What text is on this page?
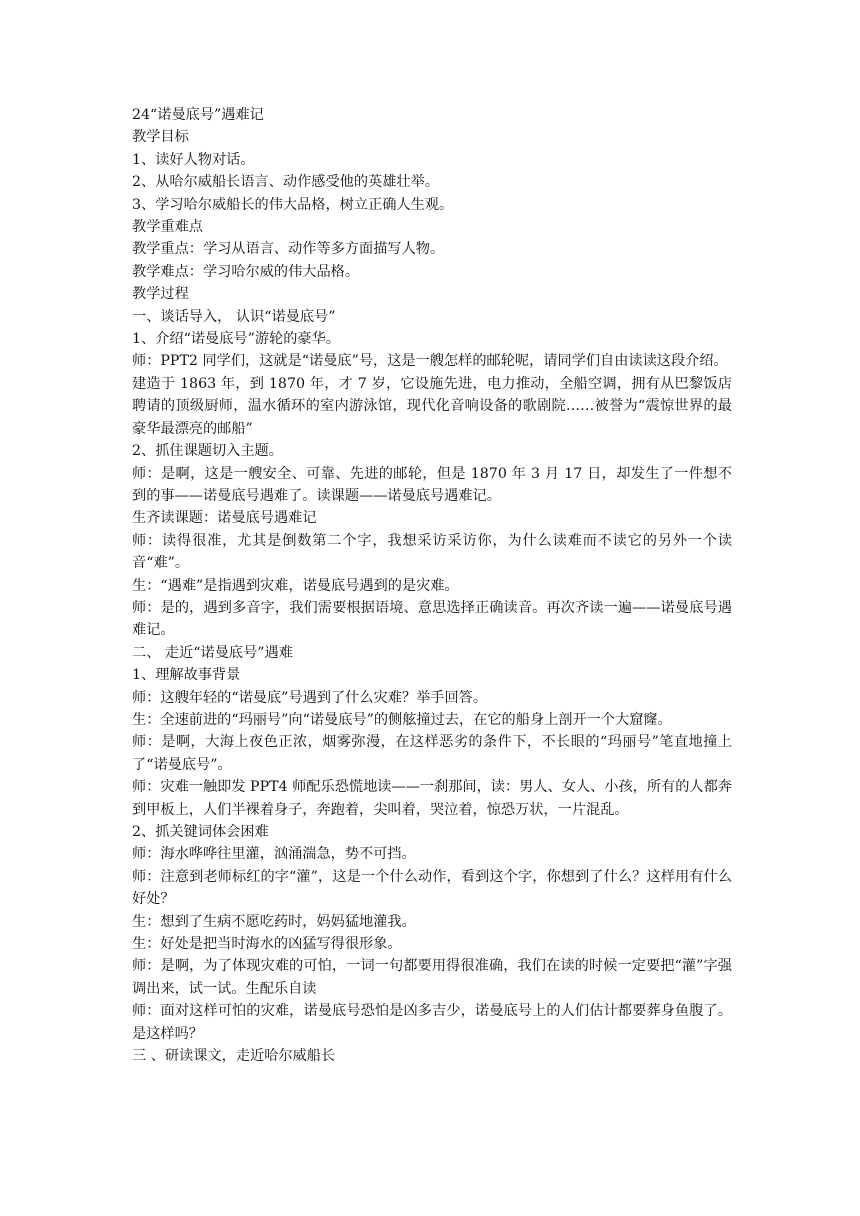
24“诺曼底号”遇难记

教学目标

1、读好人物对话。

2、从哈尔威船长语言、动作感受他的英雄壮举。

3、学习哈尔威船长的伟大品格，树立正确人生观。

教学重难点

教学重点：学习从语言、动作等多方面描写人物。

教学难点：学习哈尔威的伟大品格。

教学过程

一、谈话导入， 认识“诺曼底号”

1、介绍“诺曼底号”游轮的豪华。

师：PPT2 同学们，这就是“诺曼底”号，这是一艘怎样的邮轮呢，请同学们自由读读这段介绍。

建造于 1863 年，到 1870 年，才 7 岁，它设施先进，电力推动，全船空调，拥有从巴黎饭店聘请的顶级厨师，温水循环的室内游泳馆，现代化音响设备的歌剧院……被誉为“震惊世界的最豪华最漂亮的邮船”

2、抓住课题切入主题。

师：是啊，这是一艘安全、可靠、先进的邮轮，但是 1870 年 3 月 17 日，却发生了一件想不到的事——诺曼底号遇难了。读课题——诺曼底号遇难记。

生齐读课题：诺曼底号遇难记

师：读得很准，尤其是倒数第二个字，我想采访采访你，为什么读难而不读它的另外一个读音“难”。

生：“遇难”是指遇到灾难，诺曼底号遇到的是灾难。

师：是的，遇到多音字，我们需要根据语境、意思选择正确读音。再次齐读一遍——诺曼底号遇难记。

二、 走近“诺曼底号”遇难

1、理解故事背景

师：这艘年轻的“诺曼底”号遇到了什么灾难？举手回答。

生：全速前进的“玛丽号”向“诺曼底号”的侧舷撞过去，在它的船身上剖开一个大窟窿。

师：是啊，大海上夜色正浓，烟雾弥漫，在这样恶劣的条件下，不长眼的“玛丽号”笔直地撞上了“诺曼底号”。

师：灾难一触即发 PPT4 师配乐恐慌地读——一刹那间，读：男人、女人、小孩，所有的人都奔到甲板上，人们半裸着身子，奔跑着，尖叫着，哭泣着，惊恐万状，一片混乱。

2、抓关键词体会困难

师：海水哗哗往里灌，汹涌湍急，势不可挡。

师：注意到老师标红的字“灌”，这是一个什么动作，看到这个字，你想到了什么？这样用有什么好处？

生：想到了生病不愿吃药时，妈妈猛地灌我。

生：好处是把当时海水的凶猛写得很形象。

师：是啊，为了体现灾难的可怕，一词一句都要用得很准确，我们在读的时候一定要把“灌”字强调出来，试一试。生配乐自读

师：面对这样可怕的灾难，诺曼底号恐怕是凶多吉少，诺曼底号上的人们估计都要葬身鱼腹了。是这样吗？

三 、研读课文，走近哈尔威船长
